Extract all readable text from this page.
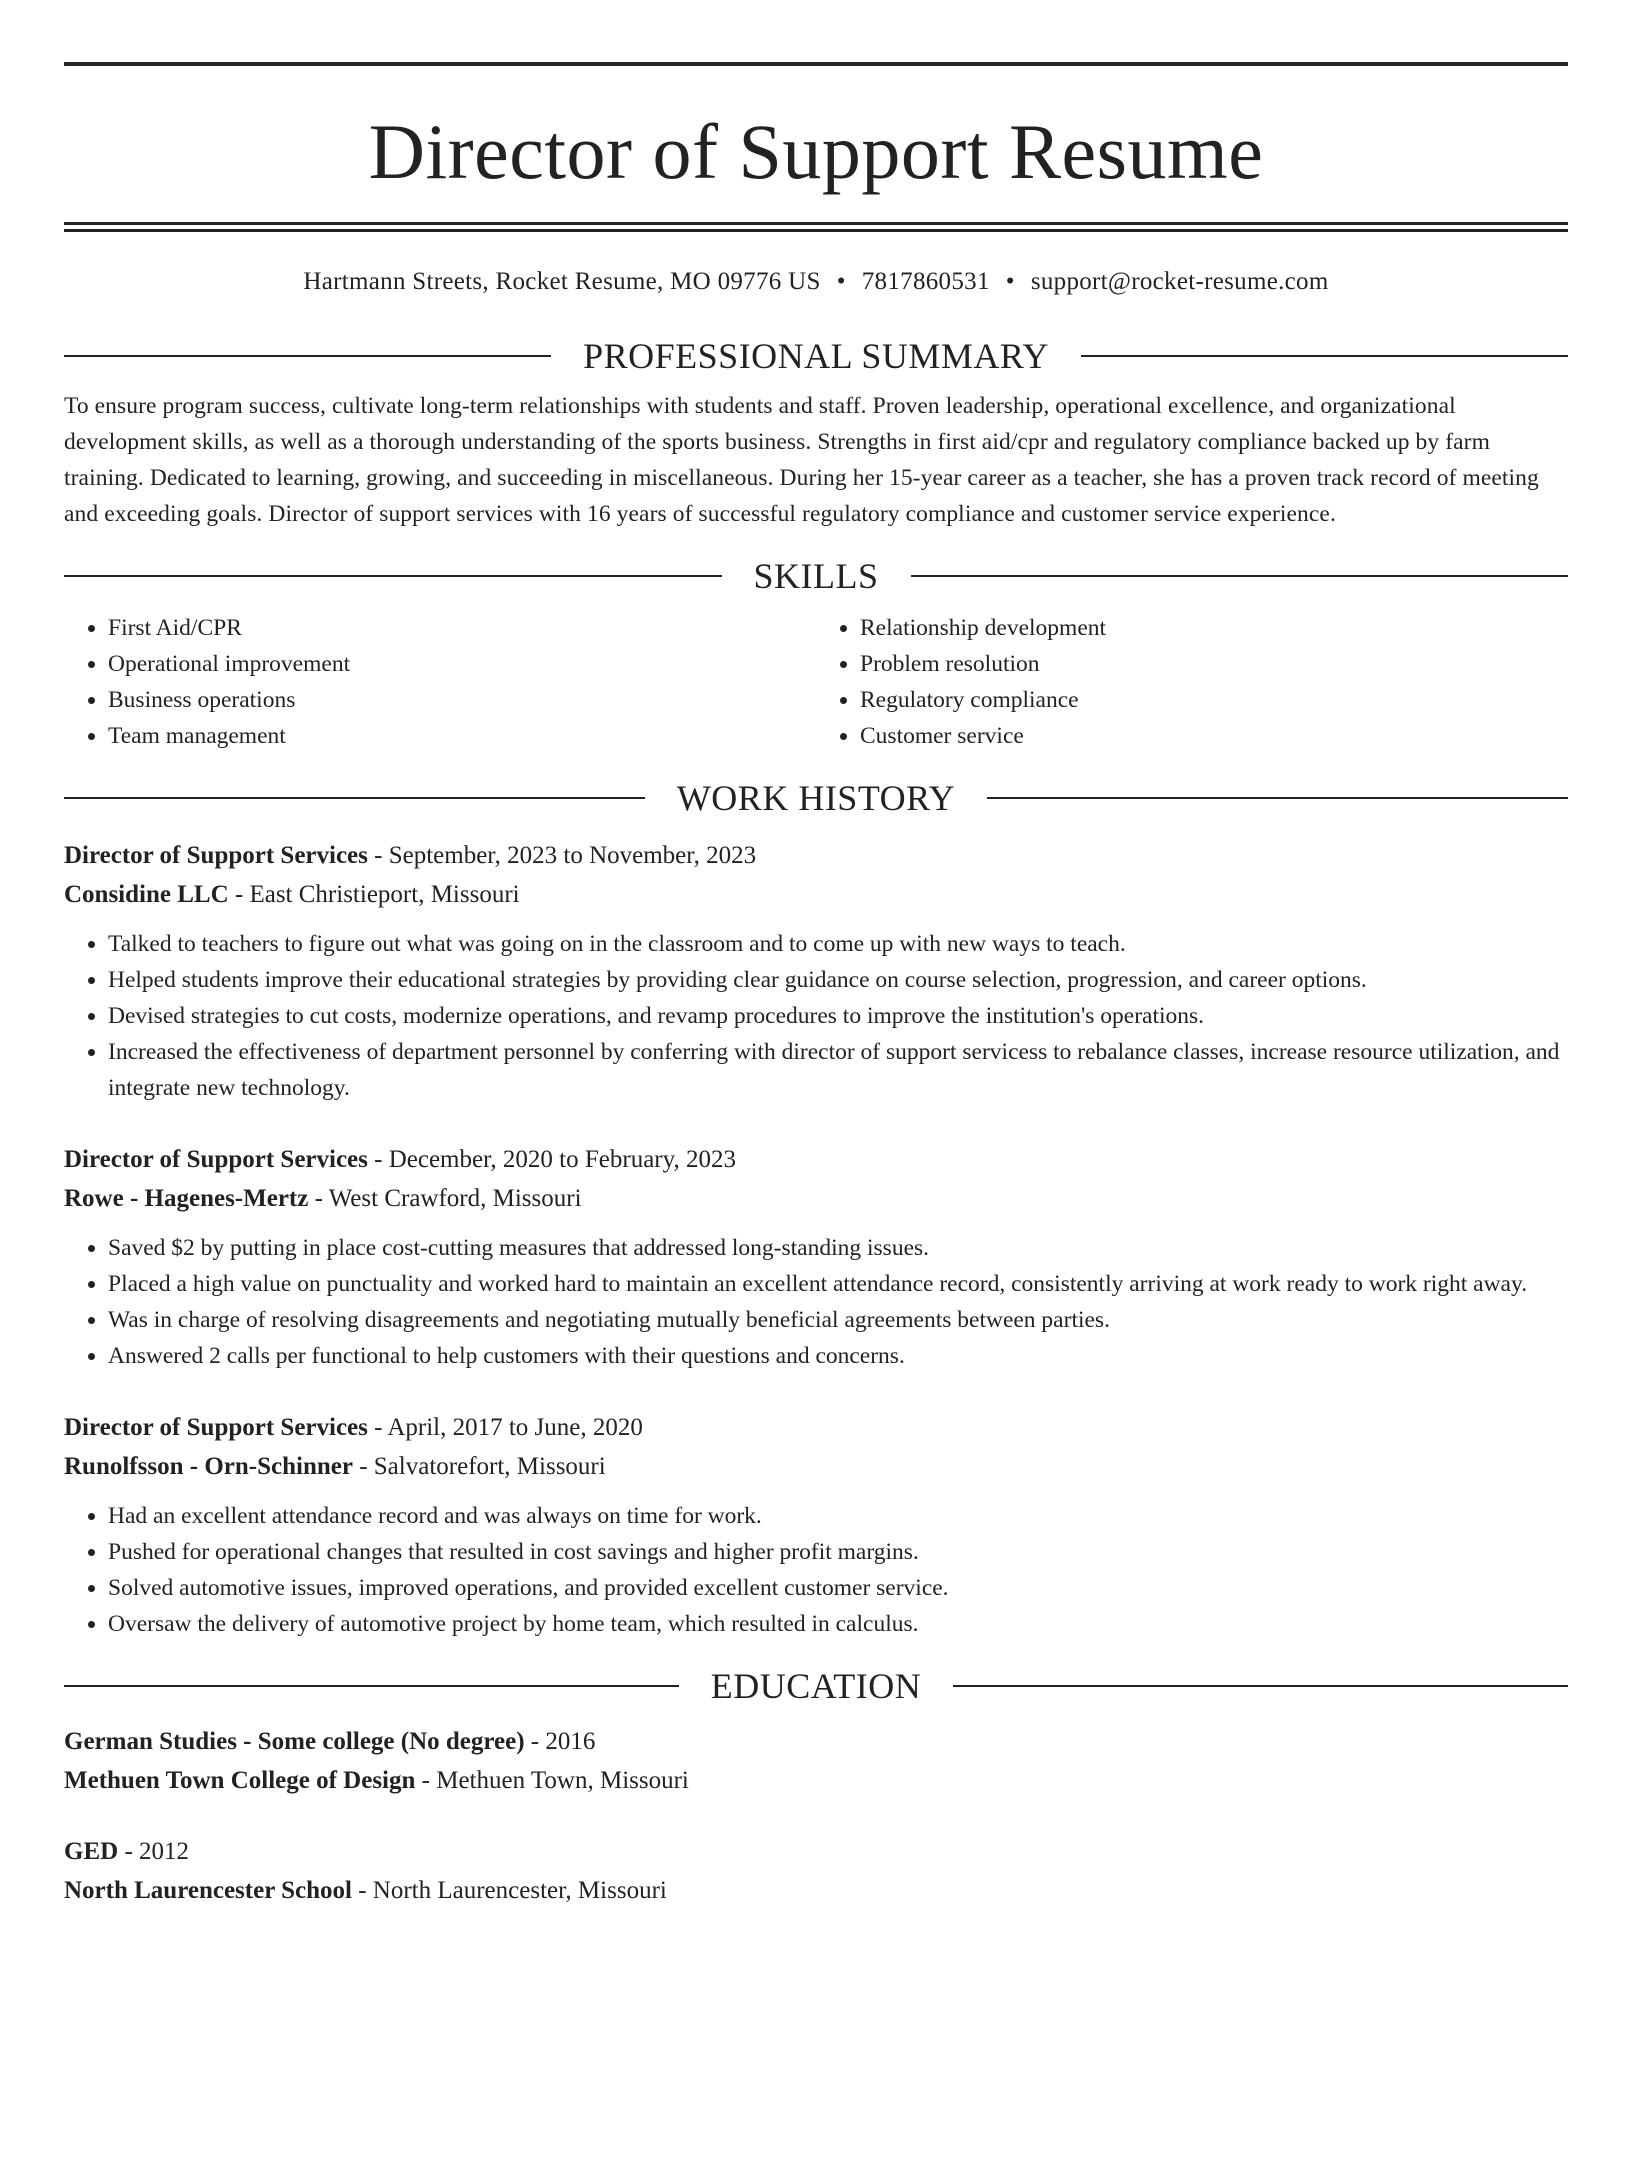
Director of Support Resume
Hartmann Streets, Rocket Resume, MO 09776 US • 7817860531 • support@rocket-resume.com
PROFESSIONAL SUMMARY
To ensure program success, cultivate long-term relationships with students and staff. Proven leadership, operational excellence, and organizational development skills, as well as a thorough understanding of the sports business. Strengths in first aid/cpr and regulatory compliance backed up by farm training. Dedicated to learning, growing, and succeeding in miscellaneous. During her 15-year career as a teacher, she has a proven track record of meeting and exceeding goals. Director of support services with 16 years of successful regulatory compliance and customer service experience.
SKILLS
• First Aid/CPR
• Operational improvement
• Business operations
• Team management
• Relationship development
• Problem resolution
• Regulatory compliance
• Customer service
WORK HISTORY
Director of Support Services - September, 2023 to November, 2023
Considine LLC - East Christieport, Missouri
• Talked to teachers to figure out what was going on in the classroom and to come up with new ways to teach.
• Helped students improve their educational strategies by providing clear guidance on course selection, progression, and career options.
• Devised strategies to cut costs, modernize operations, and revamp procedures to improve the institution's operations.
• Increased the effectiveness of department personnel by conferring with director of support servicess to rebalance classes, increase resource utilization, and integrate new technology.
Director of Support Services - December, 2020 to February, 2023
Rowe - Hagenes-Mertz - West Crawford, Missouri
• Saved $2 by putting in place cost-cutting measures that addressed long-standing issues.
• Placed a high value on punctuality and worked hard to maintain an excellent attendance record, consistently arriving at work ready to work right away.
• Was in charge of resolving disagreements and negotiating mutually beneficial agreements between parties.
• Answered 2 calls per functional to help customers with their questions and concerns.
Director of Support Services - April, 2017 to June, 2020
Runolfsson - Orn-Schinner - Salvatorefort, Missouri
• Had an excellent attendance record and was always on time for work.
• Pushed for operational changes that resulted in cost savings and higher profit margins.
• Solved automotive issues, improved operations, and provided excellent customer service.
• Oversaw the delivery of automotive project by home team, which resulted in calculus.
EDUCATION
German Studies - Some college (No degree) - 2016
Methuen Town College of Design - Methuen Town, Missouri
GED - 2012
North Laurencester School - North Laurencester, Missouri
